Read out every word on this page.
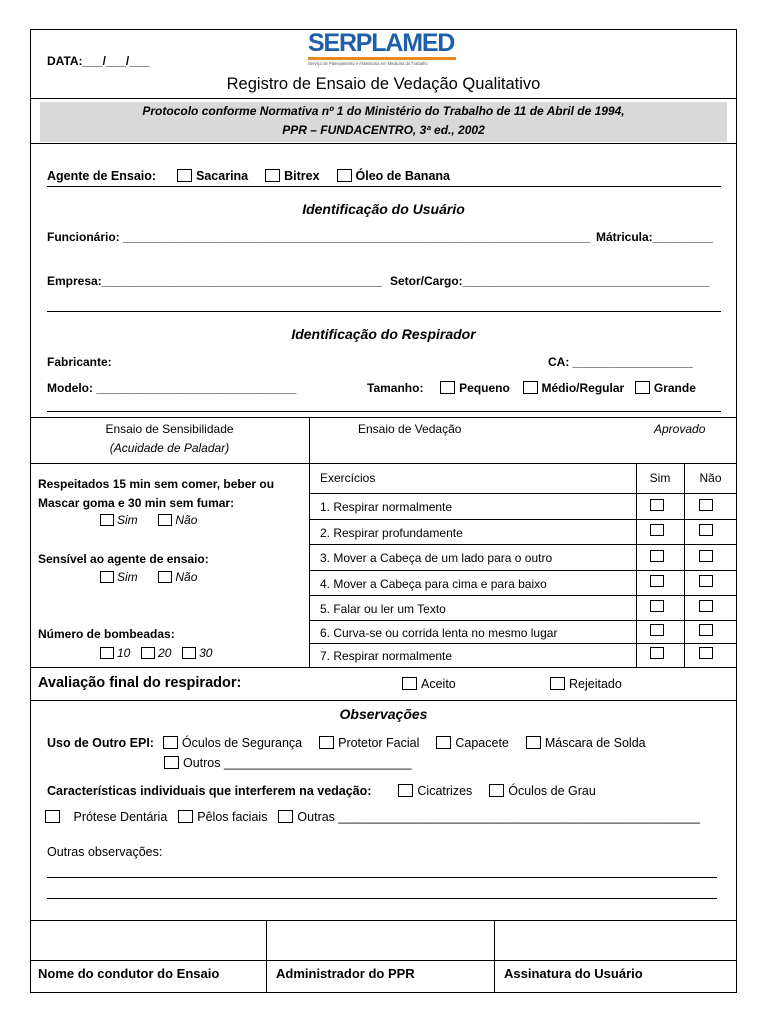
DATA:___/___/___
SERPLAMED
Serviço de Planejamento e Assessoria em Medicina do Trabalho
Registro de Ensaio de Vedação Qualitativo
Protocolo conforme Normativa nº 1 do Ministério do Trabalho de 11 de Abril de 1994,
PPR – FUNDACENTRO, 3ª ed., 2002
Agente de Ensaio:	Sacarina	Bitrex	Óleo de Banana
Identificação do Usuário
Funcionário: ______________________________________________________________________ Mátricula:_________
Empresa:__________________________________________ Setor/Cargo:_____________________________________
Identificação do Respirador
Fabricante:	CA: __________________
Modelo: ______________________________	Tamanho:	Pequeno	Médio/Regular Grande
Ensaio de Sensibilidade
(Acuidade de Paladar)
Respeitados 15 min sem comer, beber ou
Mascar goma e 30 min sem fumar:
Sim	Não
Sensível ao agente de ensaio:
Sim	Não
Número de bombeadas:
10 20 30
Ensaio de Vedação	Aprovado
Exercícios	Sim	Não
1. Respirar normalmente
2. Respirar profundamente
3. Mover a Cabeça de um lado para o outro
4. Mover a Cabeça para cima e para baixo
5. Falar ou ler um Texto
6. Curva-se ou corrida lenta no mesmo lugar
7. Respirar normalmente
Avaliação final do respirador:	Aceito	Rejeitado
Observações
Uso de Outro EPI: Óculos de Segurança	Protetor Facial	Capacete	Máscara de Solda
Outros ___________________________
Características individuais que interferem na vedação:	Cicatrizes	Óculos de Grau
Prótese Dentária Pêlos faciais Outras ____________________________________________________
Outras observações:
Nome do condutor do Ensaio	Administrador do PPR	Assinatura do Usuário
